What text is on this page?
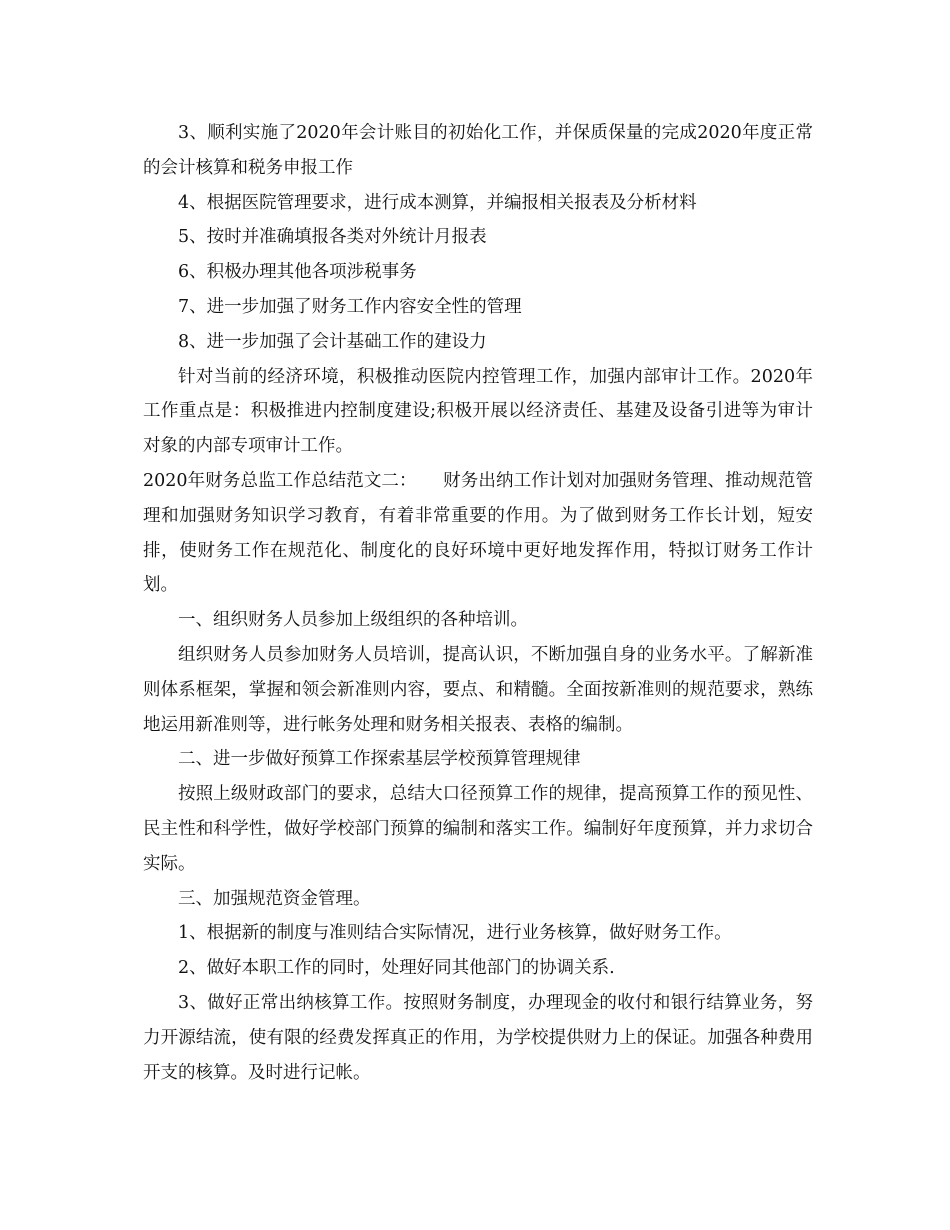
3、顺利实施了2020年会计账目的初始化工作，并保质保量的完成2020年度正常的会计核算和税务申报工作

4、根据医院管理要求，进行成本测算，并编报相关报表及分析材料

5、按时并准确填报各类对外统计月报表

6、积极办理其他各项涉税事务

7、进一步加强了财务工作内容安全性的管理

8、进一步加强了会计基础工作的建设力

针对当前的经济环境，积极推动医院内控管理工作，加强内部审计工作。2020年工作重点是：积极推进内控制度建设;积极开展以经济责任、基建及设备引进等为审计对象的内部专项审计工作。

2020年财务总监工作总结范文二：　　财务出纳工作计划对加强财务管理、推动规范管理和加强财务知识学习教育，有着非常重要的作用。为了做到财务工作长计划，短安排，使财务工作在规范化、制度化的良好环境中更好地发挥作用，特拟订财务工作计划。

一、组织财务人员参加上级组织的各种培训。

组织财务人员参加财务人员培训，提高认识，不断加强自身的业务水平。了解新准则体系框架，掌握和领会新准则内容，要点、和精髓。全面按新准则的规范要求，熟练地运用新准则等，进行帐务处理和财务相关报表、表格的编制。

二、进一步做好预算工作探索基层学校预算管理规律

按照上级财政部门的要求，总结大口径预算工作的规律，提高预算工作的预见性、民主性和科学性，做好学校部门预算的编制和落实工作。编制好年度预算，并力求切合实际。

三、加强规范资金管理。

1、根据新的制度与准则结合实际情况，进行业务核算，做好财务工作。

2、做好本职工作的同时，处理好同其他部门的协调关系.

3、做好正常出纳核算工作。按照财务制度，办理现金的收付和银行结算业务，努力开源结流，使有限的经费发挥真正的作用，为学校提供财力上的保证。加强各种费用开支的核算。及时进行记帐。
